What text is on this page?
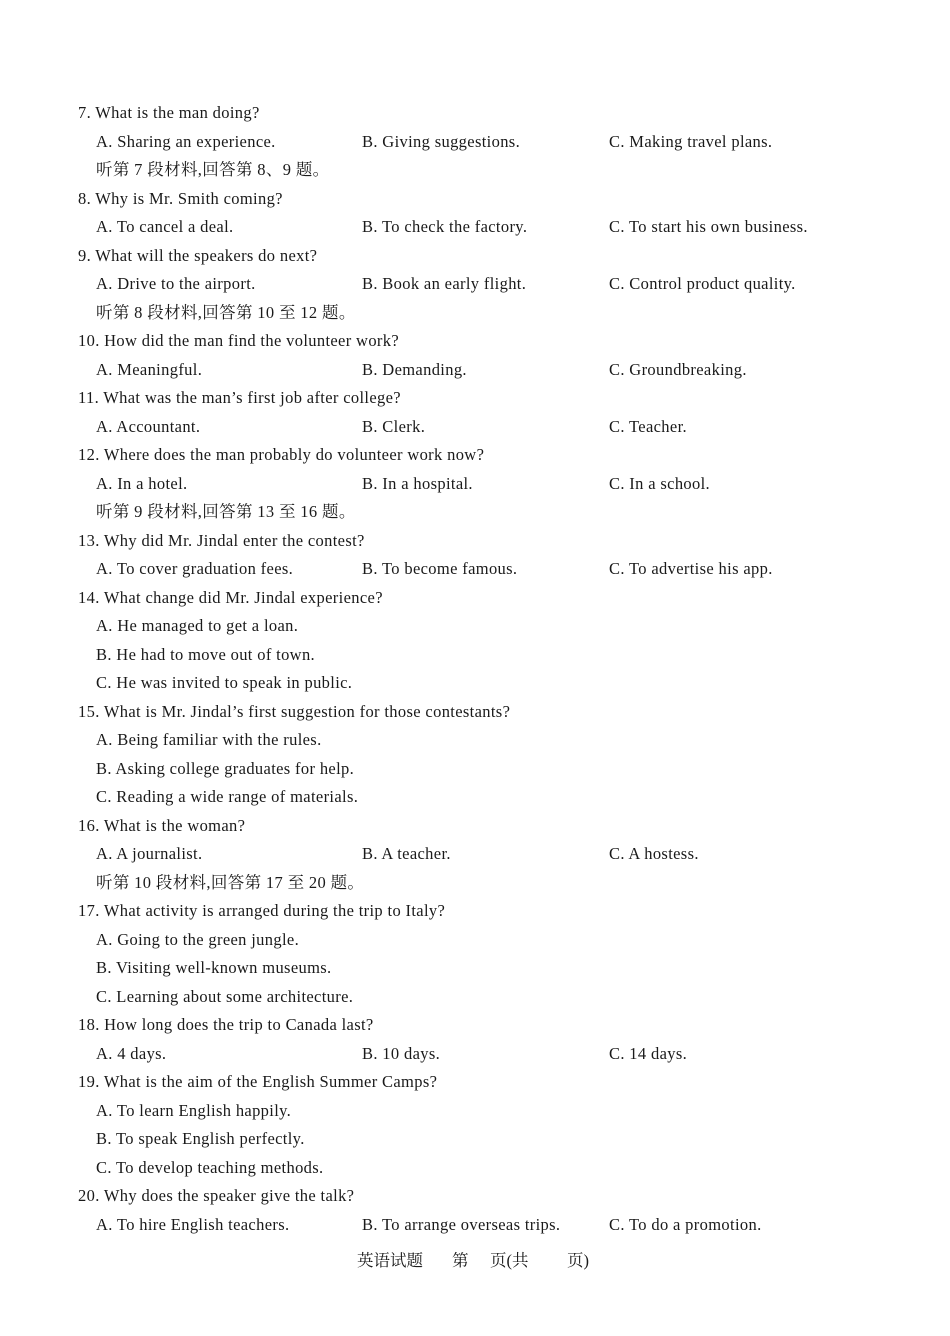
7. What is the man doing?
A. Sharing an experience.	B. Giving suggestions.	C. Making travel plans.
听第 7 段材料,回答第 8、9 题。
8. Why is Mr. Smith coming?
A. To cancel a deal.	B. To check the factory.	C. To start his own business.
9. What will the speakers do next?
A. Drive to the airport.	B. Book an early flight.	C. Control product quality.
听第 8 段材料,回答第 10 至 12 题。
10. How did the man find the volunteer work?
A. Meaningful.	B. Demanding.	C. Groundbreaking.
11. What was the man’s first job after college?
A. Accountant.	B. Clerk.	C. Teacher.
12. Where does the man probably do volunteer work now?
A. In a hotel.	B. In a hospital.	C. In a school.
听第 9 段材料,回答第 13 至 16 题。
13. Why did Mr. Jindal enter the contest?
A. To cover graduation fees.	B. To become famous.	C. To advertise his app.
14. What change did Mr. Jindal experience?
A. He managed to get a loan.
B. He had to move out of town.
C. He was invited to speak in public.
15. What is Mr. Jindal’s first suggestion for those contestants?
A. Being familiar with the rules.
B. Asking college graduates for help.
C. Reading a wide range of materials.
16. What is the woman?
A. A journalist.	B. A teacher.	C. A hostess.
听第 10 段材料,回答第 17 至 20 题。
17. What activity is arranged during the trip to Italy?
A. Going to the green jungle.
B. Visiting well-known museums.
C. Learning about some architecture.
18. How long does the trip to Canada last?
A. 4 days.	B. 10 days.	C. 14 days.
19. What is the aim of the English Summer Camps?
A. To learn English happily.
B. To speak English perfectly.
C. To develop teaching methods.
20. Why does the speaker give the talk?
A. To hire English teachers.	B. To arrange overseas trips.	C. To do a promotion.
英语试题 第 页(共 页)
